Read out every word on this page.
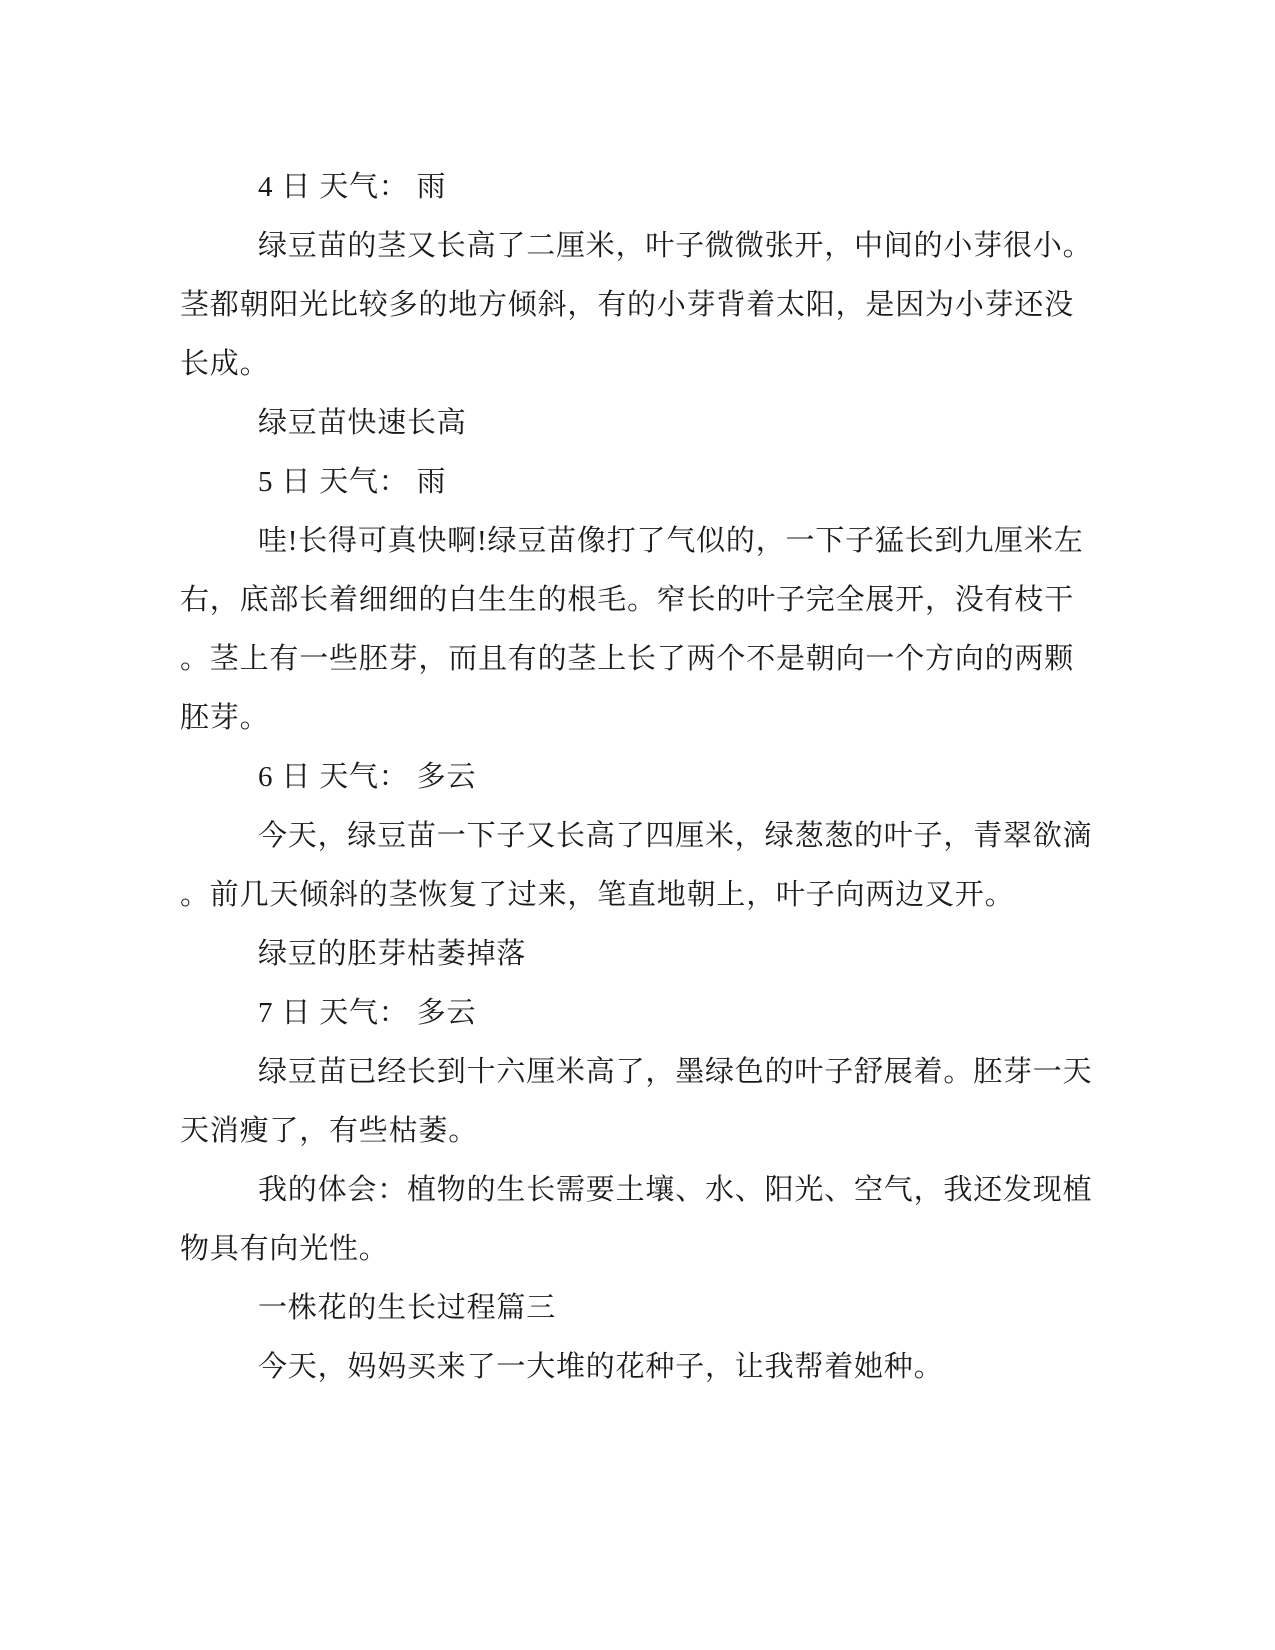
4 日 天气： 雨
绿豆苗的茎又长高了二厘米，叶子微微张开，中间的小芽很小。
茎都朝阳光比较多的地方倾斜，有的小芽背着太阳，是因为小芽还没
长成。
绿豆苗快速长高
5 日 天气： 雨
哇!长得可真快啊!绿豆苗像打了气似的，一下子猛长到九厘米左
右，底部长着细细的白生生的根毛。窄长的叶子完全展开，没有枝干
。茎上有一些胚芽，而且有的茎上长了两个不是朝向一个方向的两颗
胚芽。
6 日 天气： 多云
今天，绿豆苗一下子又长高了四厘米，绿葱葱的叶子，青翠欲滴
。前几天倾斜的茎恢复了过来，笔直地朝上，叶子向两边叉开。
绿豆的胚芽枯萎掉落
7 日 天气： 多云
绿豆苗已经长到十六厘米高了，墨绿色的叶子舒展着。胚芽一天
天消瘦了，有些枯萎。
我的体会：植物的生长需要土壤、水、阳光、空气，我还发现植
物具有向光性。
一株花的生长过程篇三
今天，妈妈买来了一大堆的花种子，让我帮着她种。
